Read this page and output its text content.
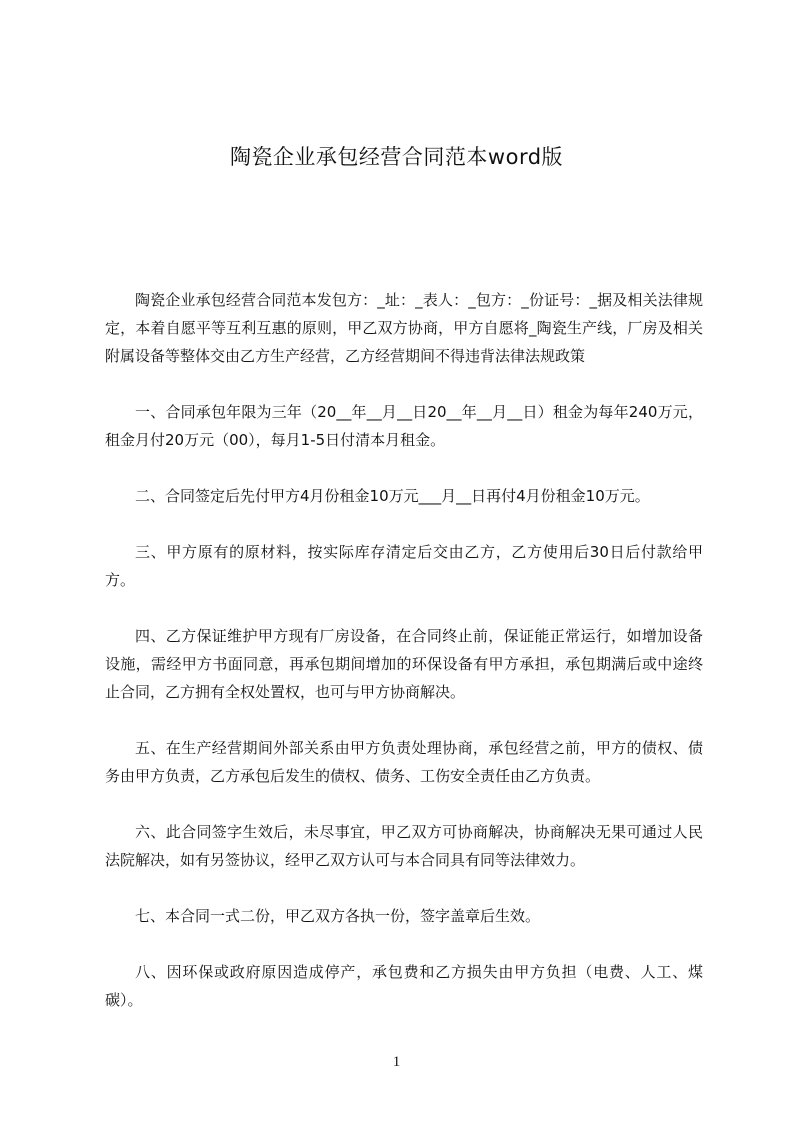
陶瓷企业承包经营合同范本word版

陶瓷企业承包经营合同范本发包方：_址：_表人：_包方：_份证号：_据及相关法律规定，本着自愿平等互利互惠的原则，甲乙双方协商，甲方自愿将_陶瓷生产线，厂房及相关附属设备等整体交由乙方生产经营，乙方经营期间不得违背法律法规政策

一、合同承包年限为三年（20__年__月__日20__年__月__日）租金为每年240万元，租金月付20万元（00），每月1-5日付清本月租金。

二、合同签定后先付甲方4月份租金10万元___月__日再付4月份租金10万元。

三、甲方原有的原材料，按实际库存清定后交由乙方，乙方使用后30日后付款给甲方。

四、乙方保证维护甲方现有厂房设备，在合同终止前，保证能正常运行，如增加设备设施，需经甲方书面同意，再承包期间增加的环保设备有甲方承担，承包期满后或中途终止合同，乙方拥有全权处置权，也可与甲方协商解决。

五、在生产经营期间外部关系由甲方负责处理协商，承包经营之前，甲方的债权、债务由甲方负责，乙方承包后发生的债权、债务、工伤安全责任由乙方负责。

六、此合同签字生效后，未尽事宜，甲乙双方可协商解决，协商解决无果可通过人民法院解决，如有另签协议，经甲乙双方认可与本合同具有同等法律效力。

七、本合同一式二份，甲乙双方各执一份，签字盖章后生效。

八、因环保或政府原因造成停产，承包费和乙方损失由甲方负担（电费、人工、煤碳）。

1
